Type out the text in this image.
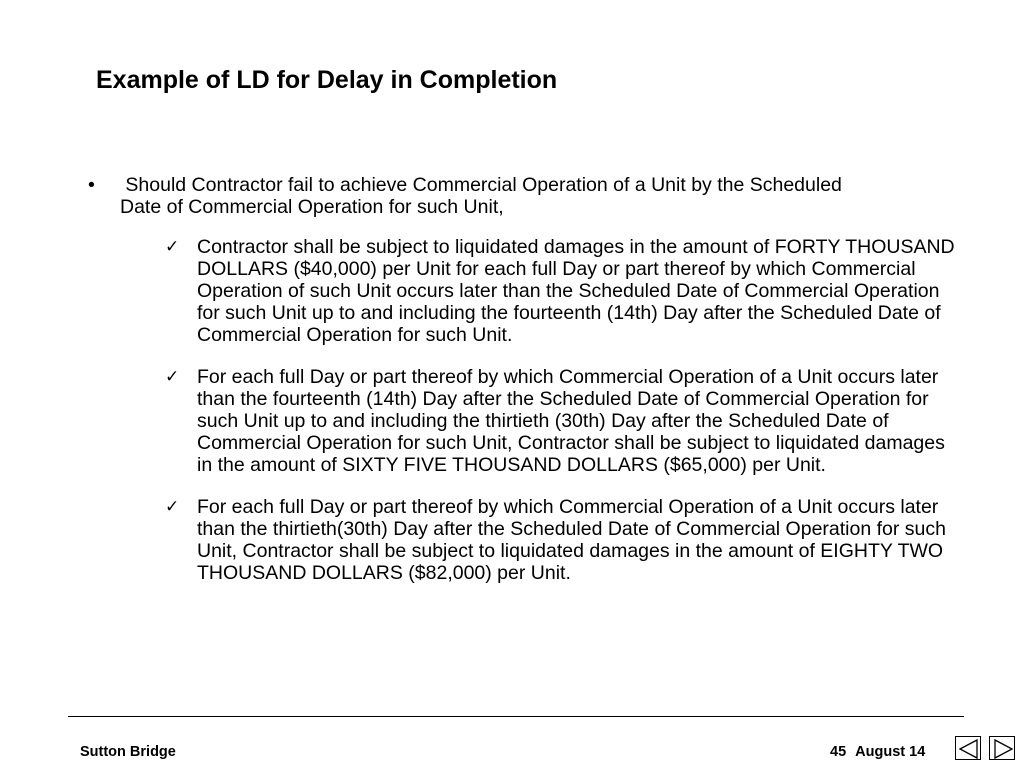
Example of LD for Delay in Completion
• Should Contractor fail to achieve Commercial Operation of a Unit by the Scheduled Date of Commercial Operation for such Unit,
✓ Contractor shall be subject to liquidated damages in the amount of FORTY THOUSAND DOLLARS ($40,000) per Unit for each full Day or part thereof by which Commercial Operation of such Unit occurs later than the Scheduled Date of Commercial Operation for such Unit up to and including the fourteenth (14th) Day after the Scheduled Date of Commercial Operation for such Unit.
✓ For each full Day or part thereof by which Commercial Operation of a Unit occurs later than the fourteenth (14th) Day after the Scheduled Date of Commercial Operation for such Unit up to and including the thirtieth (30th) Day after the Scheduled Date of Commercial Operation for such Unit, Contractor shall be subject to liquidated damages in the amount of SIXTY FIVE THOUSAND DOLLARS ($65,000) per Unit.
✓ For each full Day or part thereof by which Commercial Operation of a Unit occurs later than the thirtieth(30th) Day after the Scheduled Date of Commercial Operation for such Unit, Contractor shall be subject to liquidated damages in the amount of EIGHTY TWO THOUSAND DOLLARS ($82,000) per Unit.
Sutton Bridge	45 August 14
